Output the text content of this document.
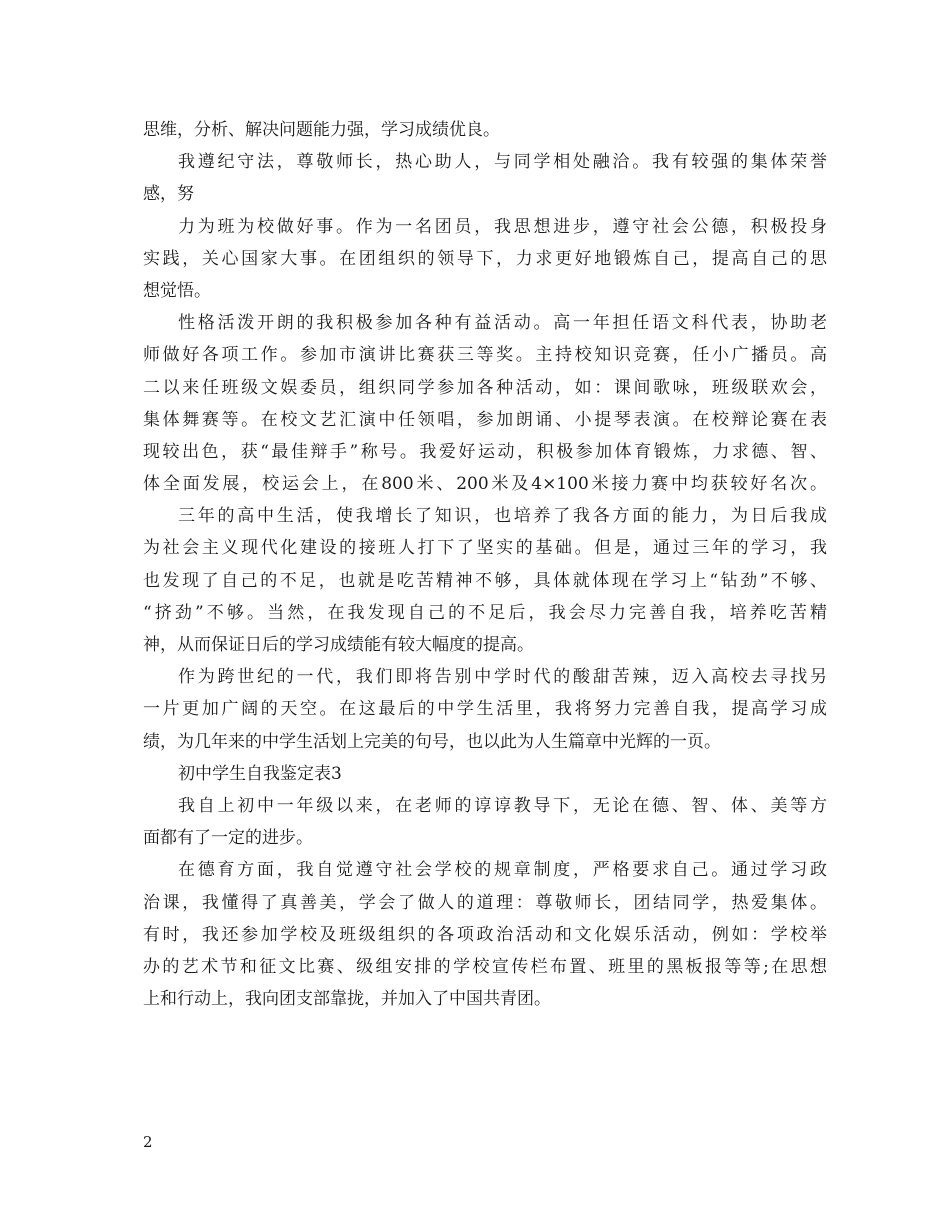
思维，分析、解决问题能力强，学习成绩优良。
我遵纪守法，尊敬师长，热心助人，与同学相处融洽。我有较强的集体荣誉
感，努
力为班为校做好事。作为一名团员，我思想进步，遵守社会公德，积极投身
实践，关心国家大事。在团组织的领导下，力求更好地锻炼自己，提高自己的思
想觉悟。
性格活泼开朗的我积极参加各种有益活动。高一年担任语文科代表，协助老
师做好各项工作。参加市演讲比赛获三等奖。主持校知识竞赛，任小广播员。高
二以来任班级文娱委员，组织同学参加各种活动，如：课间歌咏，班级联欢会，
集体舞赛等。在校文艺汇演中任领唱，参加朗诵、小提琴表演。在校辩论赛在表
现较出色，获“最佳辩手”称号。我爱好运动，积极参加体育锻炼，力求德、智、
体全面发展，校运会上，在800米、200米及4×100米接力赛中均获较好名次。
三年的高中生活，使我增长了知识，也培养了我各方面的能力，为日后我成
为社会主义现代化建设的接班人打下了坚实的基础。但是，通过三年的学习，我
也发现了自己的不足，也就是吃苦精神不够，具体就体现在学习上“钻劲”不够、
“挤劲”不够。当然，在我发现自己的不足后，我会尽力完善自我，培养吃苦精
神，从而保证日后的学习成绩能有较大幅度的提高。
作为跨世纪的一代，我们即将告别中学时代的酸甜苦辣，迈入高校去寻找另
一片更加广阔的天空。在这最后的中学生活里，我将努力完善自我，提高学习成
绩，为几年来的中学生活划上完美的句号，也以此为人生篇章中光辉的一页。
初中学生自我鉴定表3
我自上初中一年级以来，在老师的谆谆教导下，无论在德、智、体、美等方
面都有了一定的进步。
在德育方面，我自觉遵守社会学校的规章制度，严格要求自己。通过学习政
治课，我懂得了真善美，学会了做人的道理：尊敬师长，团结同学，热爱集体。
有时，我还参加学校及班级组织的各项政治活动和文化娱乐活动，例如：学校举
办的艺术节和征文比赛、级组安排的学校宣传栏布置、班里的黑板报等等;在思想
上和行动上，我向团支部靠拢，并加入了中国共青团。
2
